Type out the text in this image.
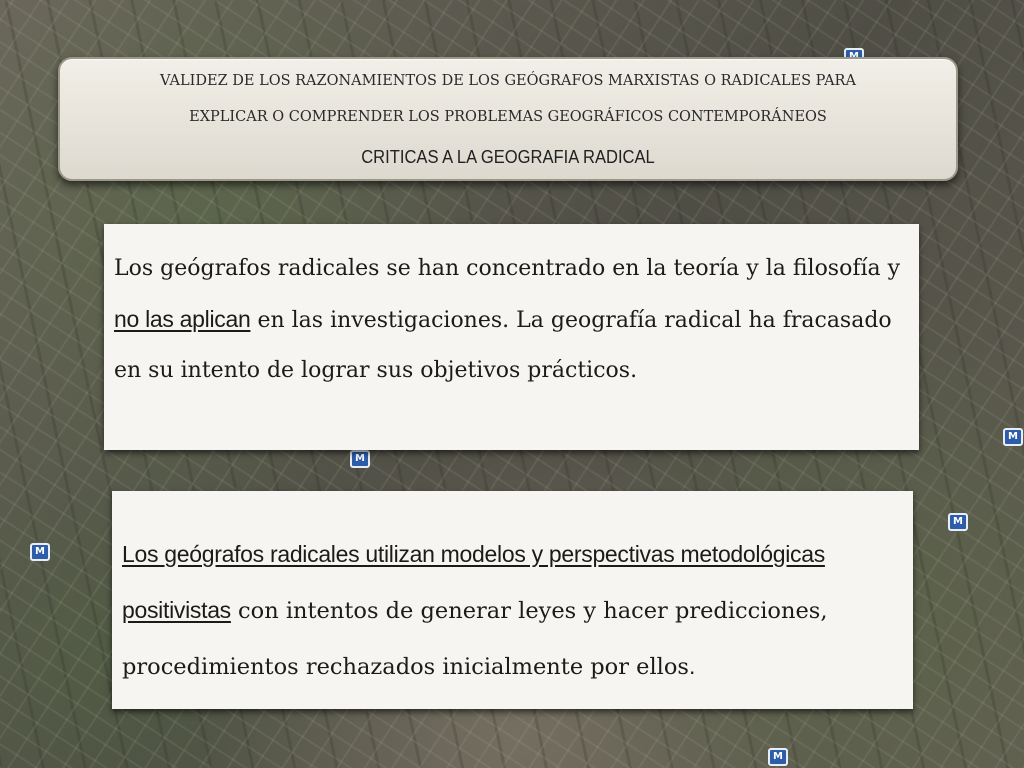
M
M
M
M
M
VALIDEZ DE LOS RAZONAMIENTOS DE LOS GEÓGRAFOS MARXISTAS O RADICALES PARA
EXPLICAR O COMPRENDER LOS PROBLEMAS GEOGRÁFICOS CONTEMPORÁNEOS
CRITICAS A LA GEOGRAFIA RADICAL
Los geógrafos radicales se han concentrado en la teoría y la filosofía y no las aplican en las investigaciones. La geografía radical ha fracasado en su intento de lograr sus objetivos prácticos.
Los geógrafos radicales utilizan modelos y perspectivas metodológicas positivistas con intentos de generar leyes y hacer predicciones, procedimientos rechazados inicialmente por ellos.
